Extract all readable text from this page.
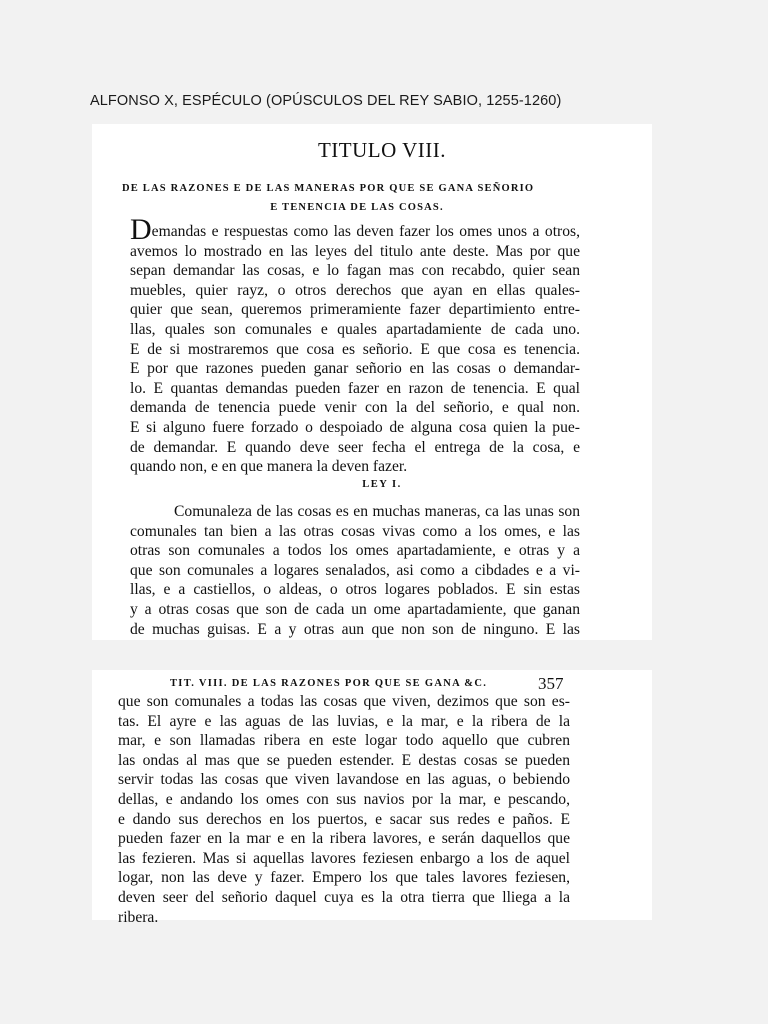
ALFONSO X, ESPÉCULO (OPÚSCULOS DEL REY SABIO, 1255-1260)
TITULO VIII.
DE LAS RAZONES E DE LAS MANERAS POR QUE SE GANA SEÑORIO
E TENENCIA DE LAS COSAS.
Demandas e respuestas como las deven fazer los omes unos a otros,
avemos lo mostrado en las leyes del titulo ante deste. Mas por que
sepan demandar las cosas, e lo fagan mas con recabdo, quier sean
muebles, quier rayz, o otros derechos que ayan en ellas quales-
quier que sean, queremos primeramiente fazer departimiento entre-
llas, quales son comunales e quales apartadamiente de cada uno.
E de si mostraremos que cosa es señorio. E que cosa es tenencia.
E por que razones pueden ganar señorio en las cosas o demandar-
lo. E quantas demandas pueden fazer en razon de tenencia. E qual
demanda de tenencia puede venir con la del señorio, e qual non.
E si alguno fuere forzado o despoiado de alguna cosa quien la pue-
de demandar. E quando deve seer fecha el entrega de la cosa, e
quando non, e en que manera la deven fazer.
LEY I.
Comunaleza de las cosas es en muchas maneras, ca las unas son
comunales tan bien a las otras cosas vivas como a los omes, e las
otras son comunales a todos los omes apartadamiente, e otras y a
que son comunales a logares senalados, asi como a cibdades e a vi-
llas, e a castiellos, o aldeas, o otros logares poblados. E sin estas
y a otras cosas que son de cada un ome apartadamiente, que ganan
de muchas guisas. E a y otras aun que non son de ninguno. E las
TIT. VIII. DE LAS RAZONES POR QUE SE GANA &C.	357
que son comunales a todas las cosas que viven, dezimos que son es-
tas. El ayre e las aguas de las luvias, e la mar, e la ribera de la
mar, e son llamadas ribera en este logar todo aquello que cubren
las ondas al mas que se pueden estender. E destas cosas se pueden
servir todas las cosas que viven lavandose en las aguas, o bebiendo
dellas, e andando los omes con sus navios por la mar, e pescando,
e dando sus derechos en los puertos, e sacar sus redes e paños. E
pueden fazer en la mar e en la ribera lavores, e serán daquellos que
las fezieren. Mas si aquellas lavores feziesen enbargo a los de aquel
logar, non las deve y fazer. Empero los que tales lavores feziesen,
deven seer del señorio daquel cuya es la otra tierra que lliega a la
ribera.
